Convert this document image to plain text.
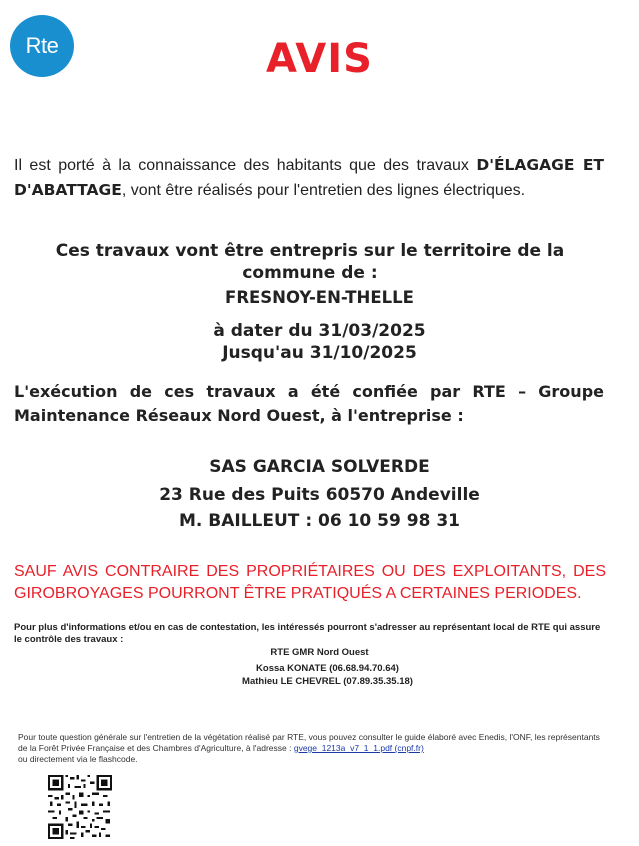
Rte	AVIS
Il est porté à la connaissance des habitants que des travaux D'ÉLAGAGE ET D'ABATTAGE, vont être réalisés pour l'entretien des lignes électriques.
Ces travaux vont être entrepris sur le territoire de la commune de :
FRESNOY-EN-THELLE
à dater du 31/03/2025
Jusqu'au 31/10/2025
L'exécution de ces travaux a été confiée par RTE – Groupe Maintenance Réseaux Nord Ouest, à l'entreprise :
SAS GARCIA SOLVERDE
23 Rue des Puits 60570 Andeville
M. BAILLEUT : 06 10 59 98 31
SAUF AVIS CONTRAIRE DES PROPRIÉTAIRES OU DES EXPLOITANTS, DES GIROBROYAGES POURRONT ÊTRE PRATIQUÉS A CERTAINES PERIODES.
Pour plus d'informations et/ou en cas de contestation, les intéressés pourront s'adresser au représentant local de RTE qui assure le contrôle des travaux :
RTE GMR Nord Ouest
Kossa KONATE (06.68.94.70.64)
Mathieu LE CHEVREL (07.89.35.35.18)
Pour toute question générale sur l'entretien de la végétation réalisé par RTE, vous pouvez consulter le guide élaboré avec Enedis, l'ONF, les représentants de la Forêt Privée Française et des Chambres d'Agriculture, à l'adresse : gvege_1213a_v7_1_1.pdf (cnpf.fr)
ou directement via le flashcode.
